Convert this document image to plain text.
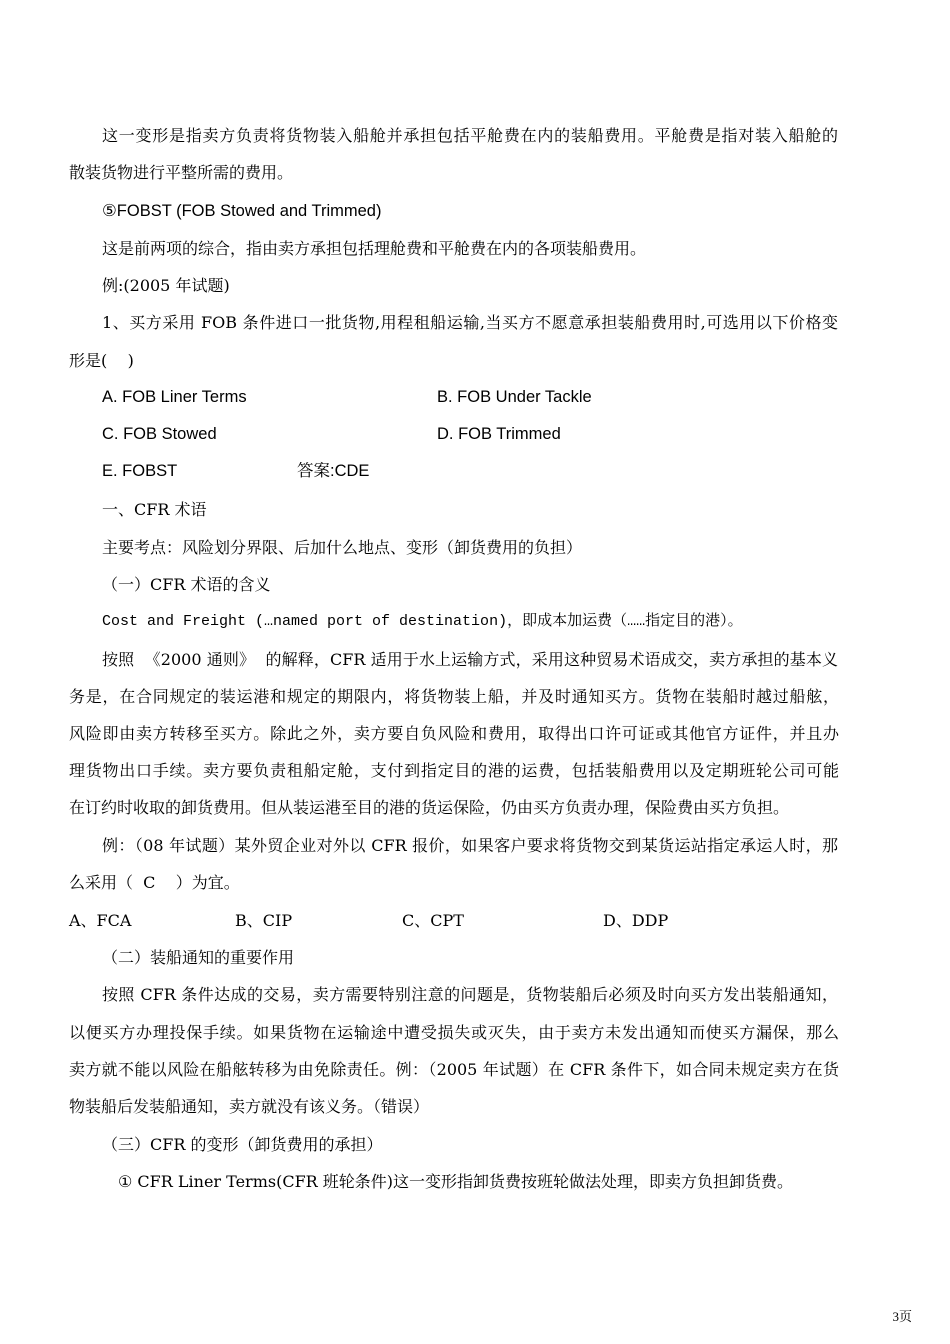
这一变形是指卖方负责将货物装入船舱并承担包括平舱费在内的装船费用。平舱费是指对装入船舱的
散装货物进行平整所需的费用。
⑤FOBST (FOB Stowed and Trimmed)
这是前两项的综合，指由卖方承担包括理舱费和平舱费在内的各项装船费用。
例:(2005 年试题)
1、买方采用 FOB 条件进口一批货物,用程租船运输,当买方不愿意承担装船费用时,可选用以下价格变
形是(    )
A. FOB Liner Terms	B. FOB Under Tackle
C. FOB Stowed	D. FOB Trimmed
E. FOBST	答案:CDE
一、CFR 术语
主要考点：风险划分界限、后加什么地点、变形（卸货费用的负担）
（一）CFR 术语的含义
Cost and Freight (…named port of destination)，即成本加运费（……指定目的港）。
按照  《2000 通则》  的解释，CFR 适用于水上运输方式，采用这种贸易术语成交，卖方承担的基本义
务是，在合同规定的装运港和规定的期限内，将货物装上船，并及时通知买方。货物在装船时越过船舷，
风险即由卖方转移至买方。除此之外，卖方要自负风险和费用，取得出口许可证或其他官方证件，并且办
理货物出口手续。卖方要负责租船定舱，支付到指定目的港的运费，包括装船费用以及定期班轮公司可能
在订约时收取的卸货费用。但从装运港至目的港的货运保险，仍由买方负责办理，保险费由买方负担。
例：（08 年试题）某外贸企业对外以 CFR 报价，如果客户要求将货物交到某货运站指定承运人时，那
么采用（  C    ）为宜。
A、FCA	B、CIP	C、CPT	D、DDP
（二）装船通知的重要作用
按照 CFR 条件达成的交易，卖方需要特别注意的问题是，货物装船后必须及时向买方发出装船通知，
以便买方办理投保手续。如果货物在运输途中遭受损失或灭失，由于卖方未发出通知而使买方漏保，那么
卖方就不能以风险在船舷转移为由免除责任。例：（2005 年试题）在 CFR 条件下，如合同未规定卖方在货
物装船后发装船通知，卖方就没有该义务。（错误）
（三）CFR 的变形（卸货费用的承担）
① CFR Liner Terms(CFR 班轮条件)这一变形指卸货费按班轮做法处理，即卖方负担卸货费。
3页
